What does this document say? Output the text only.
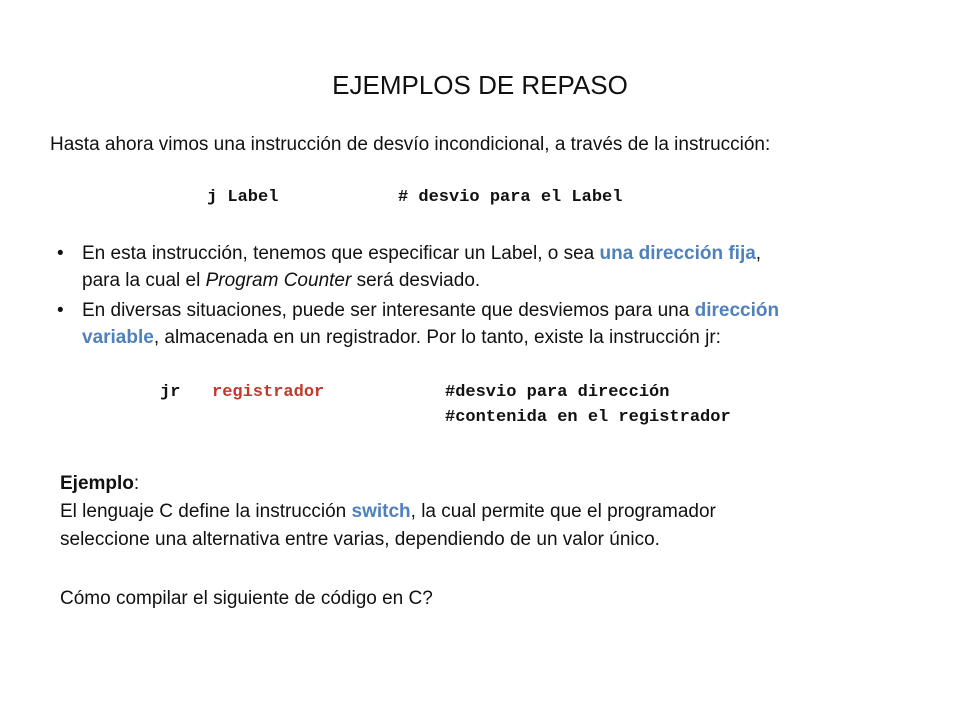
EJEMPLOS DE REPASO
Hasta ahora vimos una instrucción de desvío incondicional, a través de la instrucción:
j Label	# desvio para el Label
• En esta instrucción, tenemos que especificar un Label, o sea una dirección fija,
para la cual el Program Counter será desviado.
• En diversas situaciones, puede ser interesante que desviemos para una dirección
variable, almacenada en un registrador. Por lo tanto, existe la instrucción jr:
jr registrador	#desvio para dirección
#contenida en el registrador
Ejemplo:
El lenguaje C define la instrucción switch, la cual permite que el programador
seleccione una alternativa entre varias, dependiendo de un valor único.
Cómo compilar el siguiente de código en C?
